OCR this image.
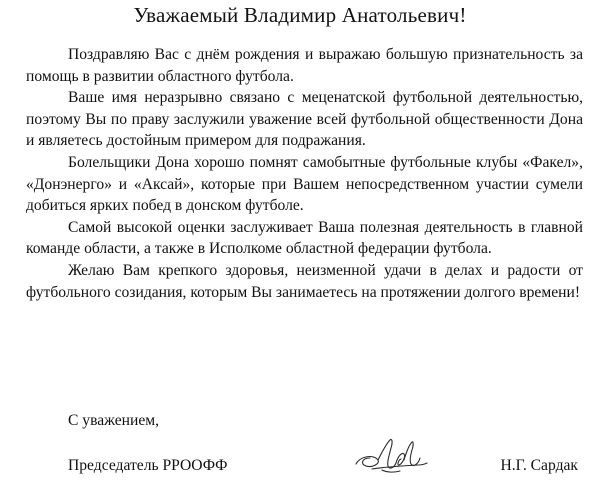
Уважаемый Владимир Анатольевич!

Поздравляю Вас с днём рождения и выражаю большую признательность за помощь в развитии областного футбола.

Ваше имя неразрывно связано с меценатской футбольной деятельностью, поэтому Вы по праву заслужили уважение всей футбольной общественности Дона и являетесь достойным примером для подражания.

Болельщики Дона хорошо помнят самобытные футбольные клубы «Факел», «Донэнерго» и «Аксай», которые при Вашем непосредственном участии сумели добиться ярких побед в донском футболе.

Самой высокой оценки заслуживает Ваша полезная деятельность в главной команде области, а также в Исполкоме областной федерации футбола.

Желаю Вам крепкого здоровья, неизменной удачи в делах и радости от футбольного созидания, которым Вы занимаетесь на протяжении долгого времени!

С уважением,
Председатель РРООФФ	Н.Г. Сардак
